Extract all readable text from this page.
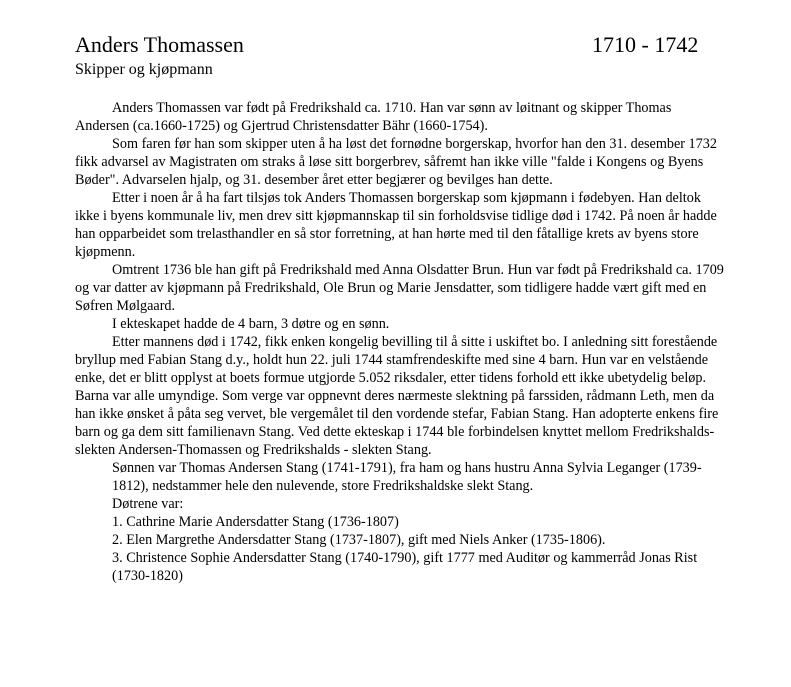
Anders Thomassen	1710 - 1742
Skipper og kjøpmann

Anders Thomassen var født på Fredrikshald ca. 1710. Han var sønn av løitnant og skipper Thomas Andersen (ca.1660-1725) og Gjertrud Christensdatter Bähr (1660-1754).

Som faren før han som skipper uten å ha løst det fornødne borgerskap, hvorfor han den 31. desember 1732 fikk advarsel av Magistraten om straks å løse sitt borgerbrev, såfremt han ikke ville "falde i Kongens og Byens Bøder". Advarselen hjalp, og 31. desember året etter begjærer og bevilges han dette.

Etter i noen år å ha fart tilsjøs tok Anders Thomassen borgerskap som kjøpmann i fødebyen. Han deltok ikke i byens kommunale liv, men drev sitt kjøpmannskap til sin forholdsvise tidlige død i 1742. På noen år hadde han opparbeidet som trelasthandler en så stor forretning, at han hørte med til den fåtallige krets av byens store kjøpmenn.

Omtrent 1736 ble han gift på Fredrikshald med Anna Olsdatter Brun. Hun var født på Fredrikshald ca. 1709 og var datter av kjøpmann på Fredrikshald, Ole Brun og Marie Jensdatter, som tidligere hadde vært gift med en Søfren Mølgaard.

I ekteskapet hadde de 4 barn, 3 døtre og en sønn.

Etter mannens død i 1742, fikk enken kongelig bevilling til å sitte i uskiftet bo. I anledning sitt forestående bryllup med Fabian Stang d.y., holdt hun 22. juli 1744 stamfrendeskifte med sine 4 barn. Hun var en velstående enke, det er blitt opplyst at boets formue utgjorde 5.052 riksdaler, etter tidens forhold ett ikke ubetydelig beløp. Barna var alle umyndige. Som verge var oppnevnt deres nærmeste slektning på farssiden, rådmann Leth, men da han ikke ønsket å påta seg vervet, ble vergemålet til den vordende stefar, Fabian Stang. Han adopterte enkens fire barn og ga dem sitt familienavn Stang. Ved dette ekteskap i 1744 ble forbindelsen knyttet mellom Fredrikshalds-slekten Andersen-Thomassen og Fredrikshalds - slekten Stang.

Sønnen var Thomas Andersen Stang (1741-1791), fra ham og hans hustru Anna Sylvia Leganger (1739-1812), nedstammer hele den nulevende, store Fredrikshaldske slekt Stang.
Døtrene var:
1. Cathrine Marie Andersdatter Stang (1736-1807)
2. Elen Margrethe Andersdatter Stang (1737-1807), gift med Niels Anker (1735-1806).
3. Christence Sophie Andersdatter Stang (1740-1790), gift 1777 med Auditør og kammerråd Jonas Rist (1730-1820)
